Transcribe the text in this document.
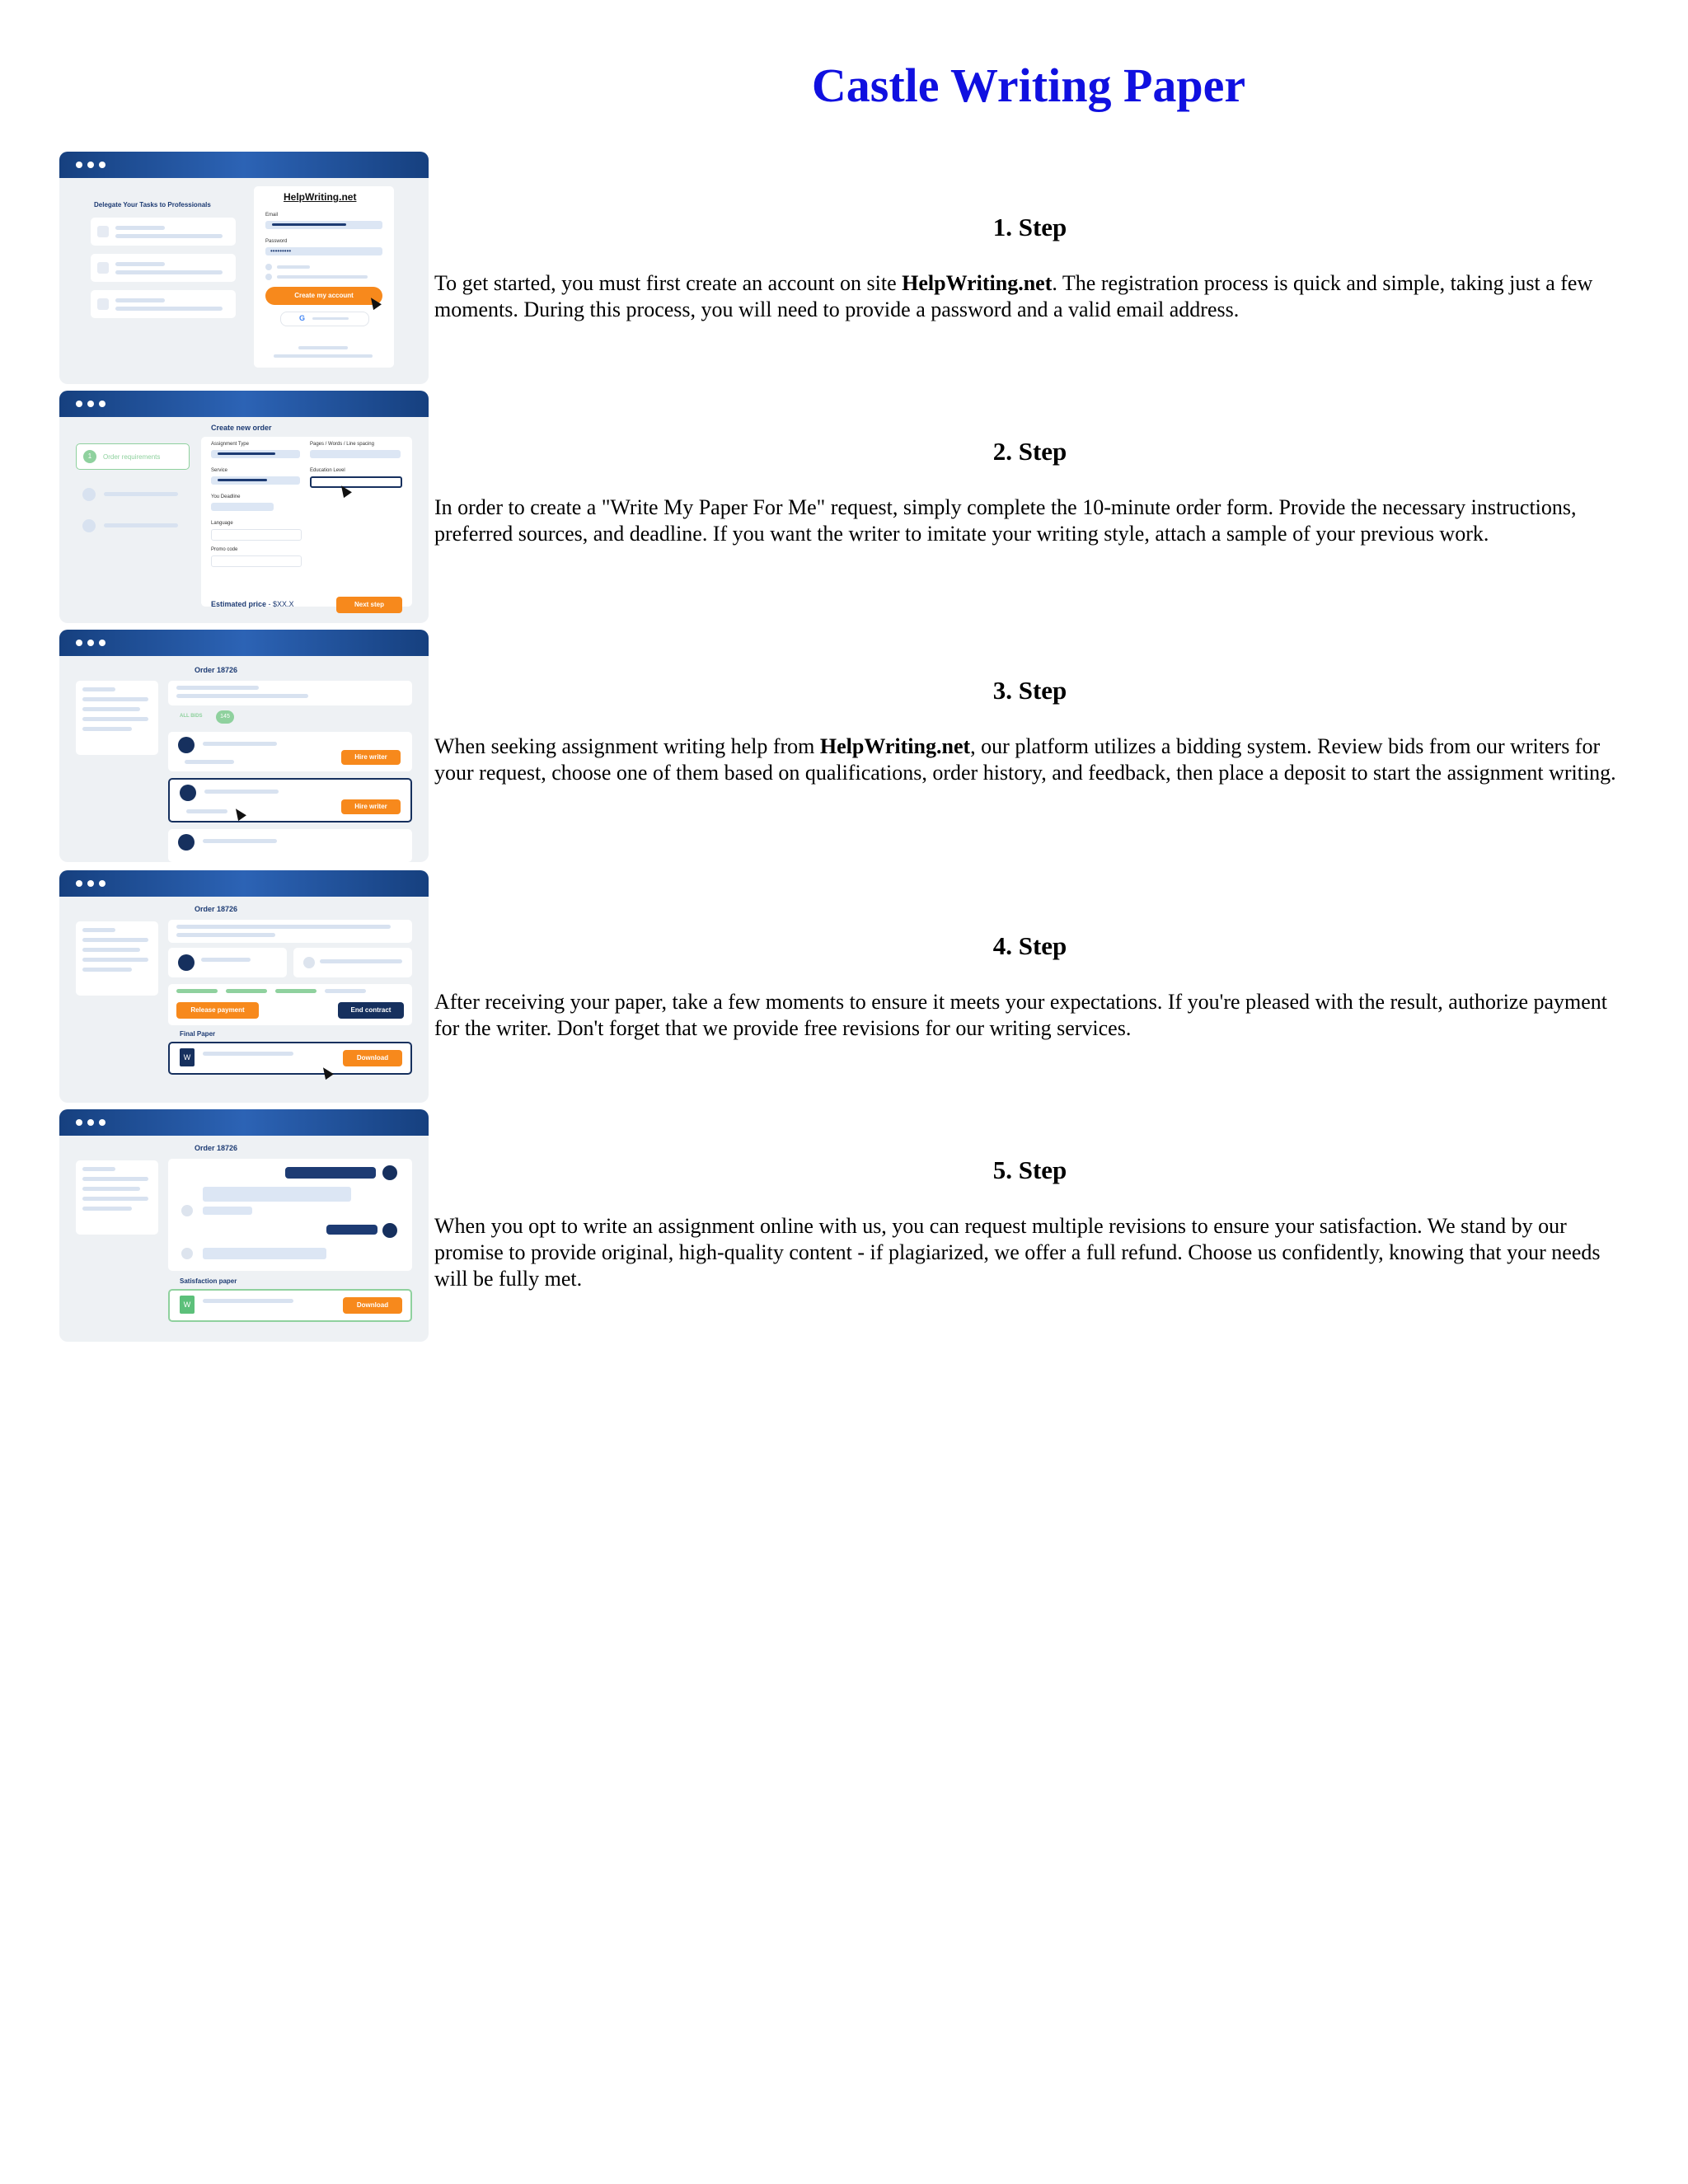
Castle Writing Paper
Delegate Your Tasks to Professionals
HelpWriting.net
Email
Password
•••••••••
Create my account
G
1. Step

To get started, you must first create an account on site HelpWriting.net. The registration process is quick and simple, taking just a few moments. During this process, you will need to provide a password and a valid email address.

1	Order requirements
Create new order
Assignment Type	Pages / Words / Line spacing
Service	Education Level
You Deadline
Language
Promo code
Estimated price - $XX.X	Next step
2. Step

In order to create a "Write My Paper For Me" request, simply complete the 10-minute order form. Provide the necessary instructions, preferred sources, and deadline. If you want the writer to imitate your writing style, attach a sample of your previous work.

Order 18726
ALL BIDS	145
Hire writer
Hire writer
3. Step

When seeking assignment writing help from HelpWriting.net, our platform utilizes a bidding system. Review bids from our writers for your request, choose one of them based on qualifications, order history, and feedback, then place a deposit to start the assignment writing.

Order 18726
Release payment	End contract
Final Paper
W	Download
4. Step

After receiving your paper, take a few moments to ensure it meets your expectations. If you're pleased with the result, authorize payment for the writer. Don't forget that we provide free revisions for our writing services.

Order 18726
Satisfaction paper
W	Download
5. Step

When you opt to write an assignment online with us, you can request multiple revisions to ensure your satisfaction. We stand by our promise to provide original, high-quality content - if plagiarized, we offer a full refund. Choose us confidently, knowing that your needs will be fully met.
